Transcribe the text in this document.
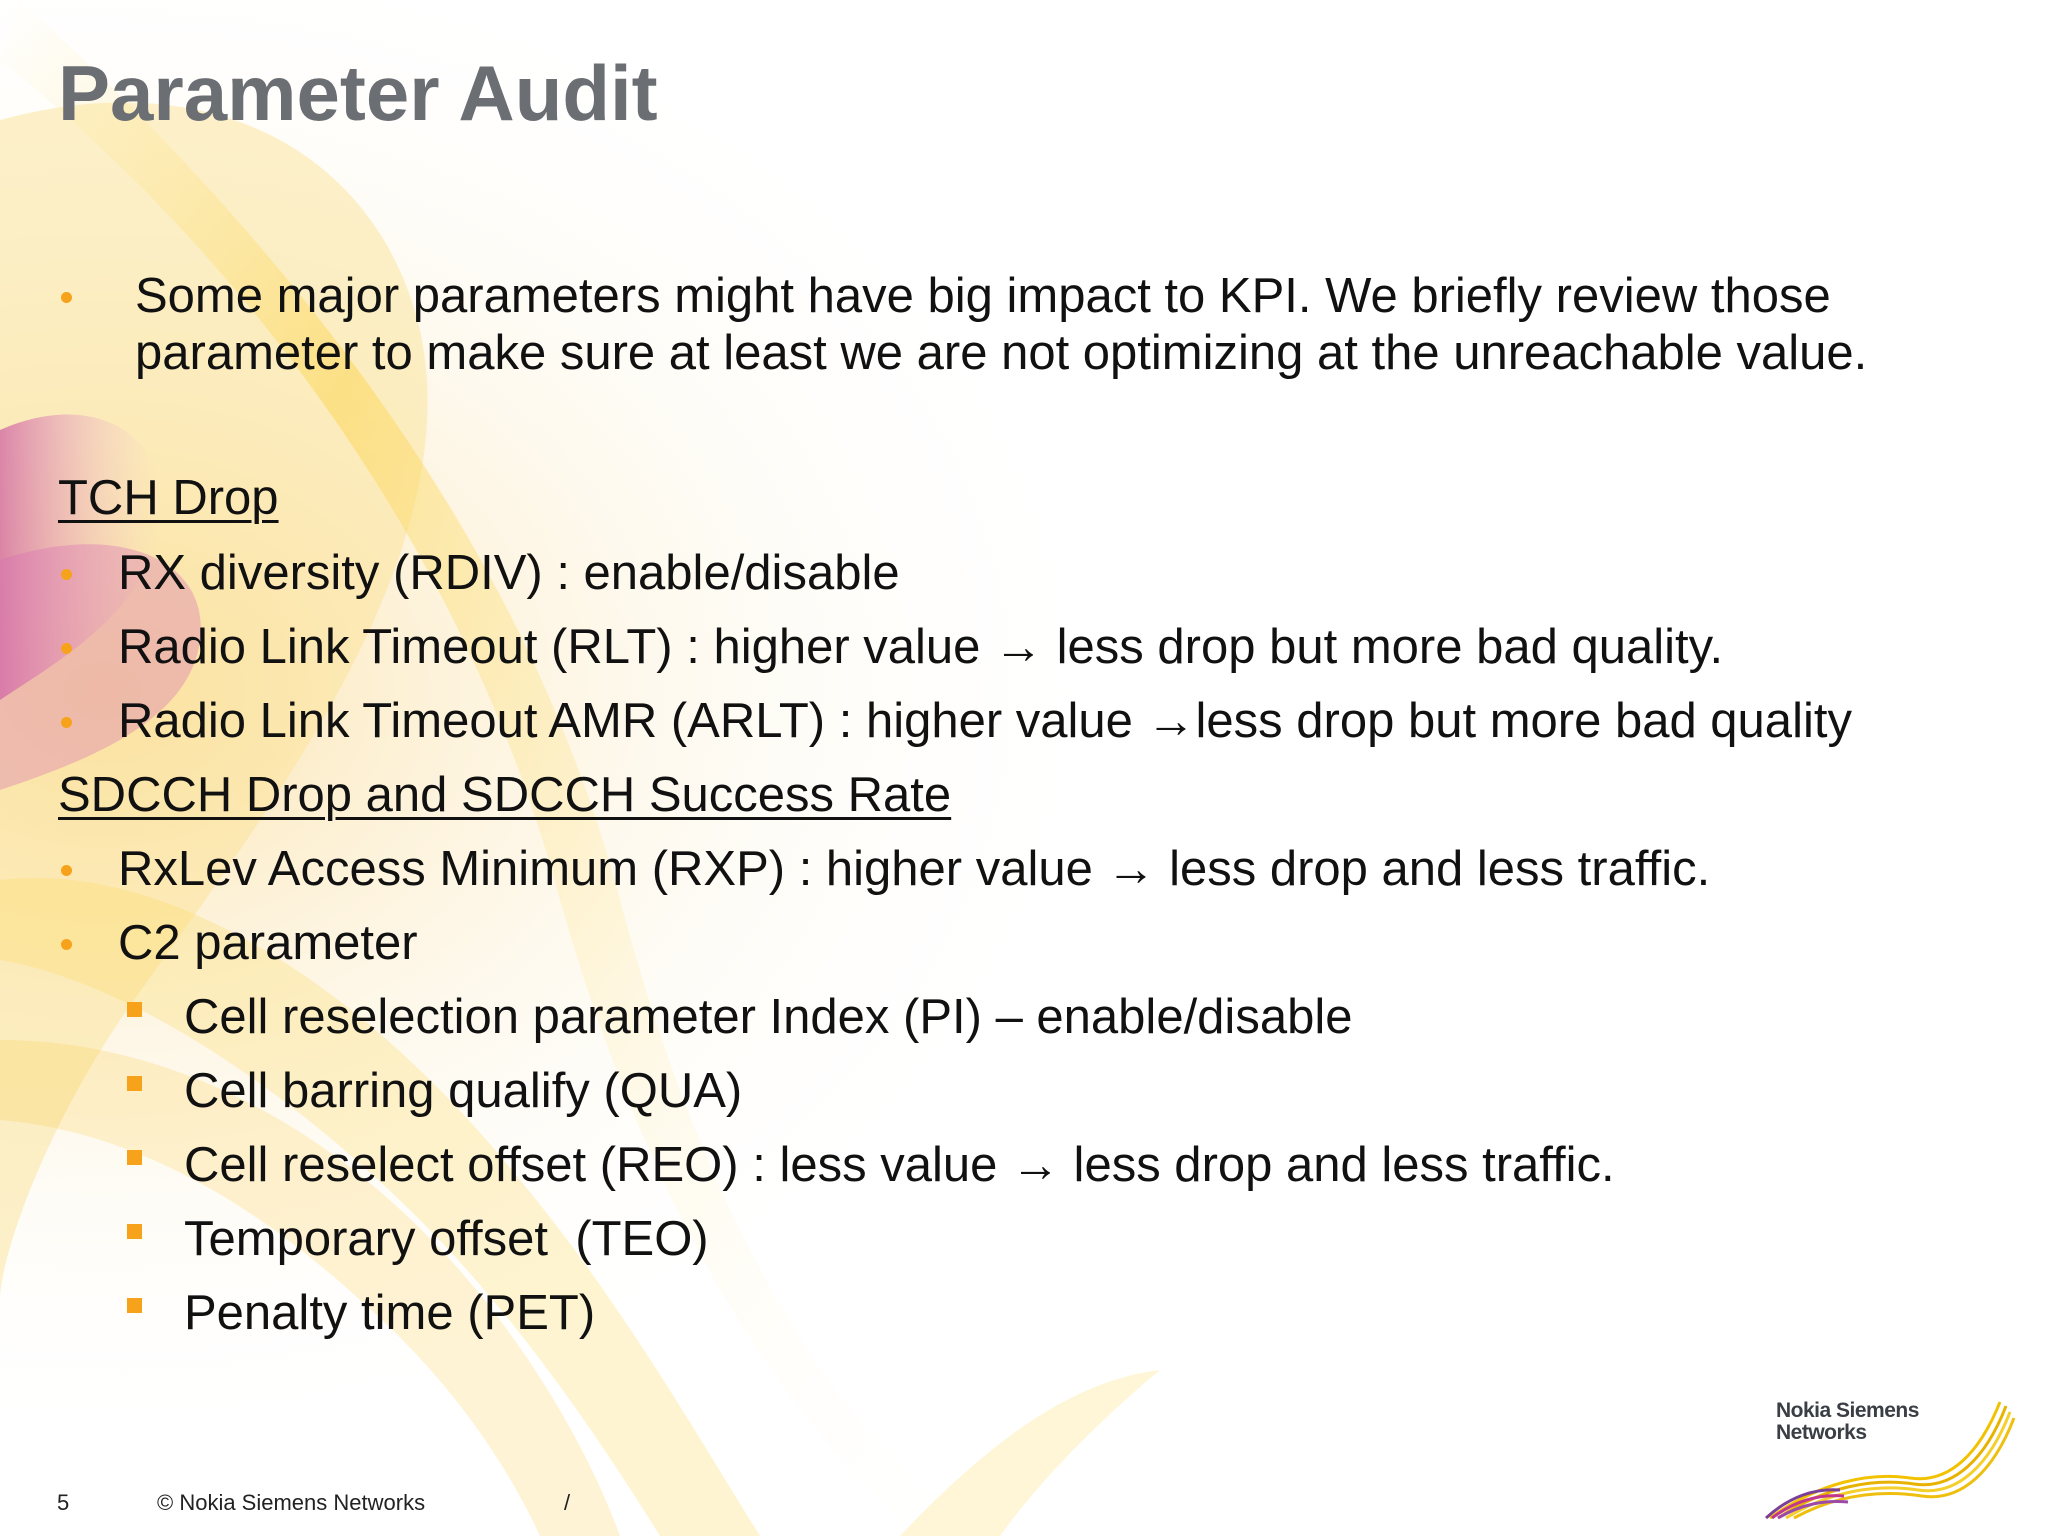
Parameter Audit
Some major parameters might have big impact to KPI. We briefly review those
parameter to make sure at least we are not optimizing at the unreachable value.
TCH Drop
RX diversity (RDIV) : enable/disable
Radio Link Timeout (RLT) : higher value → less drop but more bad quality.
Radio Link Timeout AMR (ARLT) : higher value →less drop but more bad quality
SDCCH Drop and SDCCH Success Rate
RxLev Access Minimum (RXP) : higher value → less drop and less traffic.
C2 parameter
Cell reselection parameter Index (PI) – enable/disable
Cell barring qualify (QUA)
Cell reselect offset (REO) : less value → less drop and less traffic.
Temporary offset  (TEO)
Penalty time (PET)
5	© Nokia Siemens Networks	/
Nokia Siemens
Networks
